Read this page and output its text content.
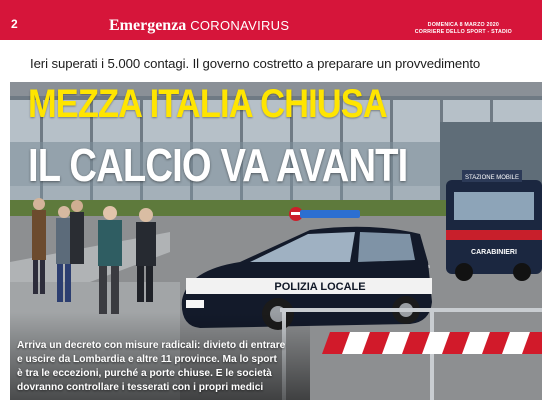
2	Emergenza CORONAVIRUS	DOMENICA 8 MARZO 2020
CORRIERE DELLO SPORT - STADIO
Ieri superati i 5.000 contagi. Il governo costretto a preparare un provvedimento
POLIZIA LOCALE
STAZIONE MOBILE
CARABINIERI
MEZZA ITALIA CHIUSA
IL CALCIO VA AVANTI
Arriva un decreto con misure radicali: divieto di entrare
e uscire da Lombardia e altre 11 province. Ma lo sport
è tra le eccezioni, purché a porte chiuse. E le società
dovranno controllare i tesserati con i propri medici
